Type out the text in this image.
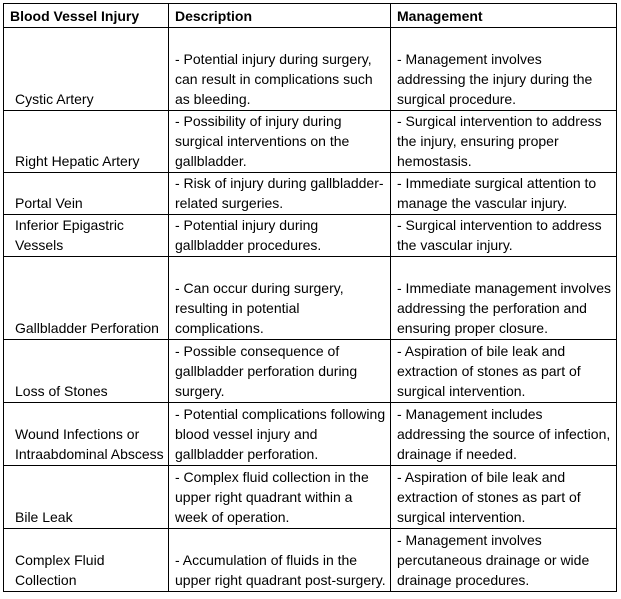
Blood Vessel Injury	Description	Management
Cystic Artery	- Potential injury during surgery, can result in complications such as bleeding.	- Management involves addressing the injury during the surgical procedure.
Right Hepatic Artery	- Possibility of injury during surgical interventions on the gallbladder.	- Surgical intervention to address the injury, ensuring proper hemostasis.
Portal Vein	- Risk of injury during gallbladder-related surgeries.	- Immediate surgical attention to manage the vascular injury.
Inferior Epigastric Vessels	- Potential injury during gallbladder procedures.	- Surgical intervention to address the vascular injury.
Gallbladder Perforation	- Can occur during surgery, resulting in potential complications.	- Immediate management involves addressing the perforation and ensuring proper closure.
Loss of Stones	- Possible consequence of gallbladder perforation during surgery.	- Aspiration of bile leak and extraction of stones as part of surgical intervention.
Wound Infections or Intraabdominal Abscess	- Potential complications following blood vessel injury and gallbladder perforation.	- Management includes addressing the source of infection, drainage if needed.
Bile Leak	- Complex fluid collection in the upper right quadrant within a week of operation.	- Aspiration of bile leak and extraction of stones as part of surgical intervention.
Complex Fluid Collection	- Accumulation of fluids in the upper right quadrant post-surgery.	- Management involves percutaneous drainage or wide drainage procedures.
